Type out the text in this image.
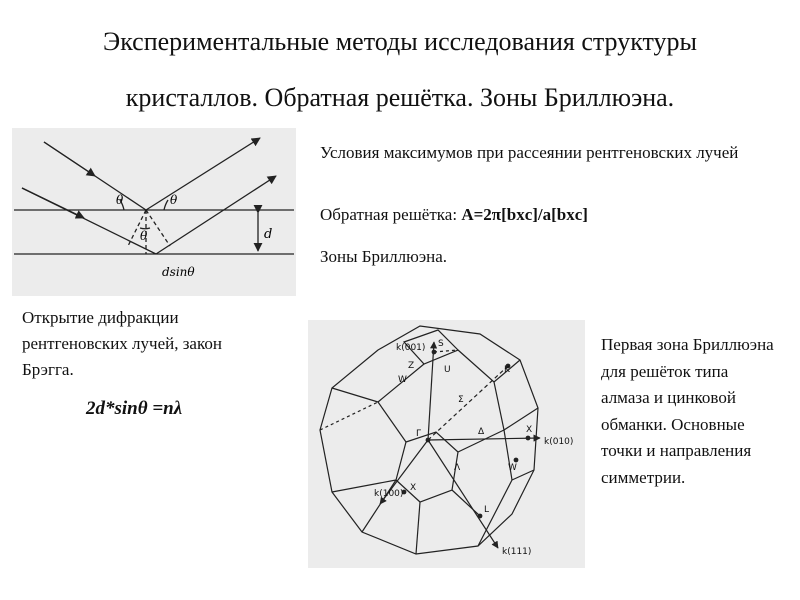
Экспериментальные методы исследования структуры
кристаллов. Обратная решётка. Зоны Бриллюэна.
θ	θ
θ	d
dsinθ
Условия максимумов при рассеянии рентгеновских лучей
Обратная решётка: A=2π[bxc]/a[bxc]
Зоны Бриллюэна.
Открытие дифракции рентгеновских лучей, закон Брэгга.
2d*sinθ =nλ
k(001)
k(010)
k(100)
k(111)
S
U
Z
W
K
Σ
Γ	Δ	X
W
Λ
L
X
Первая зона Бриллюэна для решёток типа алмаза и цинковой обманки. Основные точки и направления симметрии.
